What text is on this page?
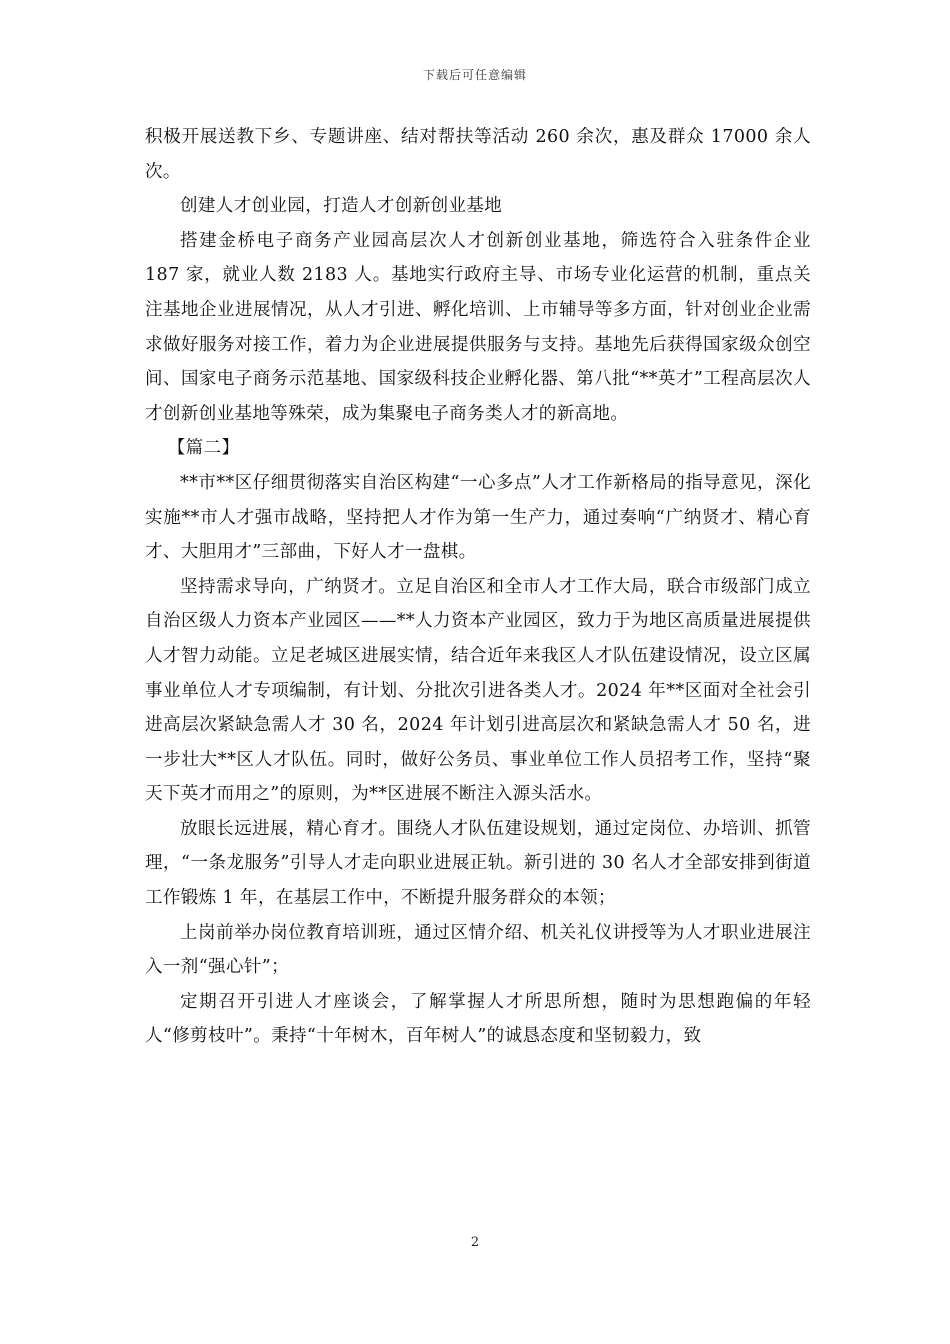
下载后可任意编辑

积极开展送教下乡、专题讲座、结对帮扶等活动 260 余次，惠及群众 17000 余人次。

创建人才创业园，打造人才创新创业基地

搭建金桥电子商务产业园高层次人才创新创业基地，筛选符合入驻条件企业 187 家，就业人数 2183 人。基地实行政府主导、市场专业化运营的机制，重点关注基地企业进展情况，从人才引进、孵化培训、上市辅导等多方面，针对创业企业需求做好服务对接工作，着力为企业进展提供服务与支持。基地先后获得国家级众创空间、国家电子商务示范基地、国家级科技企业孵化器、第八批“**英才”工程高层次人才创新创业基地等殊荣，成为集聚电子商务类人才的新高地。

【篇二】

**市**区仔细贯彻落实自治区构建“一心多点”人才工作新格局的指导意见，深化实施**市人才强市战略，坚持把人才作为第一生产力，通过奏响“广纳贤才、精心育才、大胆用才”三部曲，下好人才一盘棋。

坚持需求导向，广纳贤才。立足自治区和全市人才工作大局，联合市级部门成立自治区级人力资本产业园区——**人力资本产业园区，致力于为地区高质量进展提供人才智力动能。立足老城区进展实情，结合近年来我区人才队伍建设情况，设立区属事业单位人才专项编制，有计划、分批次引进各类人才。2024 年**区面对全社会引进高层次紧缺急需人才 30 名，2024 年计划引进高层次和紧缺急需人才 50 名，进一步壮大**区人才队伍。同时，做好公务员、事业单位工作人员招考工作，坚持“聚天下英才而用之”的原则，为**区进展不断注入源头活水。

放眼长远进展，精心育才。围绕人才队伍建设规划，通过定岗位、办培训、抓管理，“一条龙服务”引导人才走向职业进展正轨。新引进的 30 名人才全部安排到街道工作锻炼 1 年，在基层工作中，不断提升服务群众的本领；

上岗前举办岗位教育培训班，通过区情介绍、机关礼仪讲授等为人才职业进展注入一剂“强心针”；

定期召开引进人才座谈会，了解掌握人才所思所想，随时为思想跑偏的年轻人“修剪枝叶”。秉持“十年树木，百年树人”的诚恳态度和坚韧毅力，致

2
